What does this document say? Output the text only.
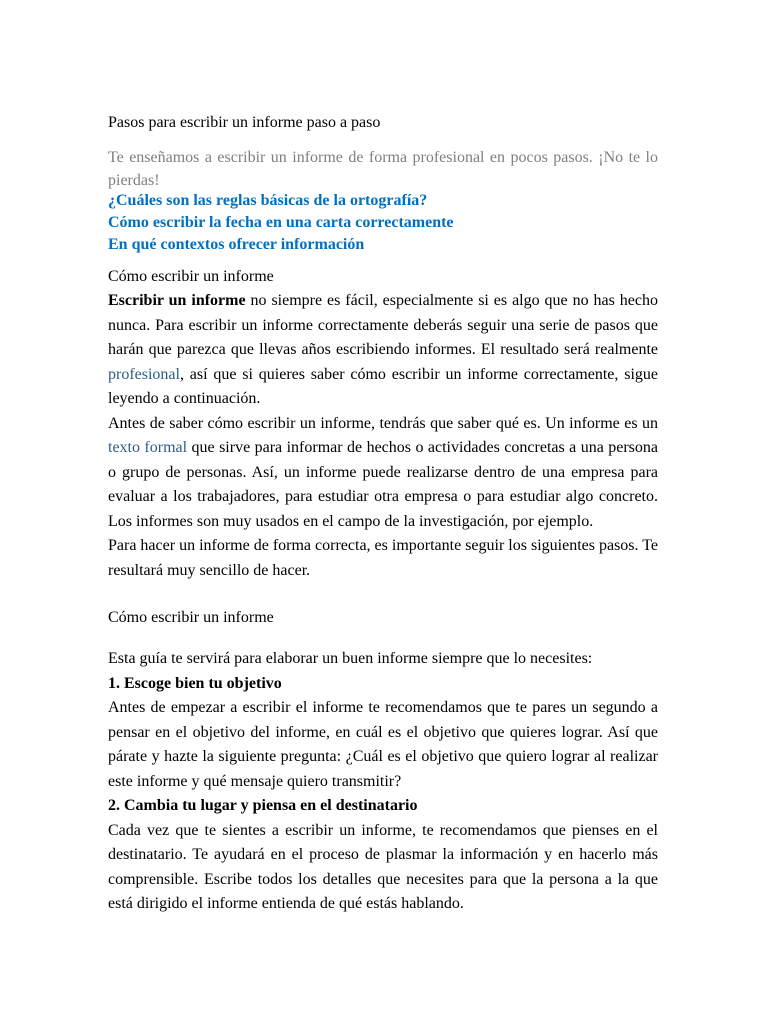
Pasos para escribir un informe paso a paso
Te enseñamos a escribir un informe de forma profesional en pocos pasos. ¡No te lo pierdas!
¿Cuáles son las reglas básicas de la ortografía?
Cómo escribir la fecha en una carta correctamente
En qué contextos ofrecer información
Cómo escribir un informe

Escribir un informe no siempre es fácil, especialmente si es algo que no has hecho nunca. Para escribir un informe correctamente deberás seguir una serie de pasos que harán que parezca que llevas años escribiendo informes. El resultado será realmente profesional, así que si quieres saber cómo escribir un informe correctamente, sigue leyendo a continuación.

Antes de saber cómo escribir un informe, tendrás que saber qué es. Un informe es un texto formal que sirve para informar de hechos o actividades concretas a una persona o grupo de personas. Así, un informe puede realizarse dentro de una empresa para evaluar a los trabajadores, para estudiar otra empresa o para estudiar algo concreto. Los informes son muy usados en el campo de la investigación, por ejemplo.

Para hacer un informe de forma correcta, es importante seguir los siguientes pasos. Te resultará muy sencillo de hacer.

Cómo escribir un informe

Esta guía te servirá para elaborar un buen informe siempre que lo necesites:

1. Escoge bien tu objetivo

Antes de empezar a escribir el informe te recomendamos que te pares un segundo a pensar en el objetivo del informe, en cuál es el objetivo que quieres lograr. Así que párate y hazte la siguiente pregunta: ¿Cuál es el objetivo que quiero lograr al realizar este informe y qué mensaje quiero transmitir?

2. Cambia tu lugar y piensa en el destinatario

Cada vez que te sientes a escribir un informe, te recomendamos que pienses en el destinatario. Te ayudará en el proceso de plasmar la información y en hacerlo más comprensible. Escribe todos los detalles que necesites para que la persona a la que está dirigido el informe entienda de qué estás hablando.
